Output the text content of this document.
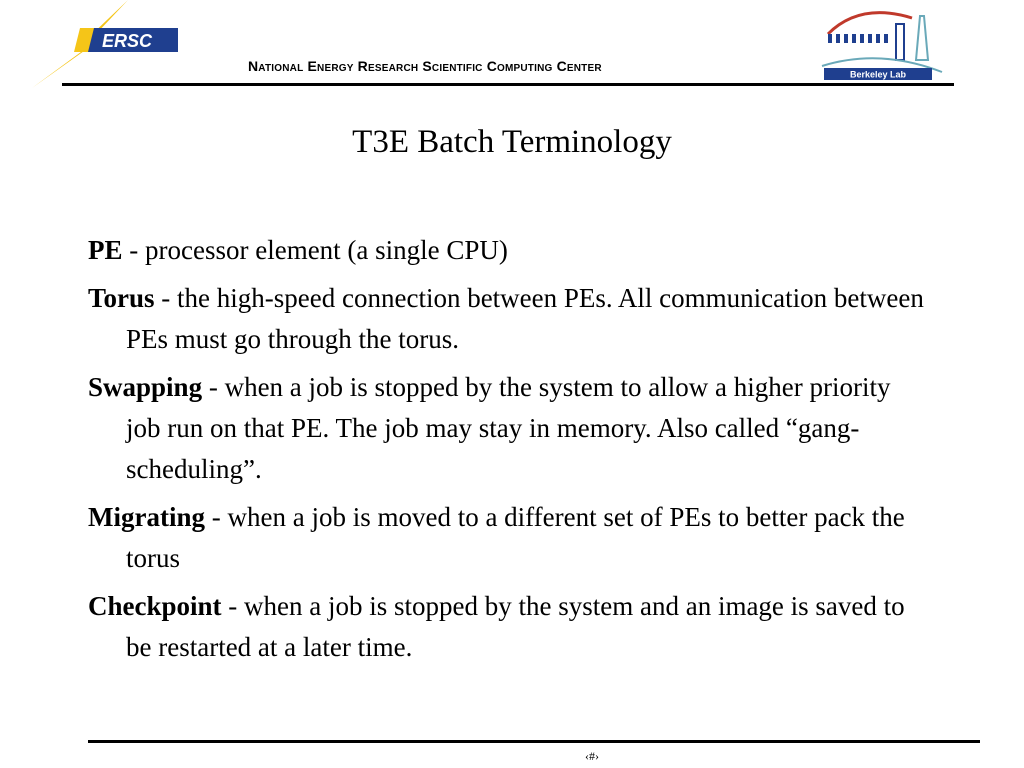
ERSC
National Energy Research Scientific Computing Center
Berkeley Lab
T3E Batch Terminology
PE - processor element (a single CPU)
Torus - the high-speed connection between PEs. All communication between PEs must go through the torus.
Swapping - when a job is stopped by the system to allow a higher priority job run on that PE. The job may stay in memory. Also called “gang-scheduling”.
Migrating - when a job is moved to a different set of PEs to better pack the torus
Checkpoint - when a job is stopped by the system and an image is saved to be restarted at a later time.
‹#›
